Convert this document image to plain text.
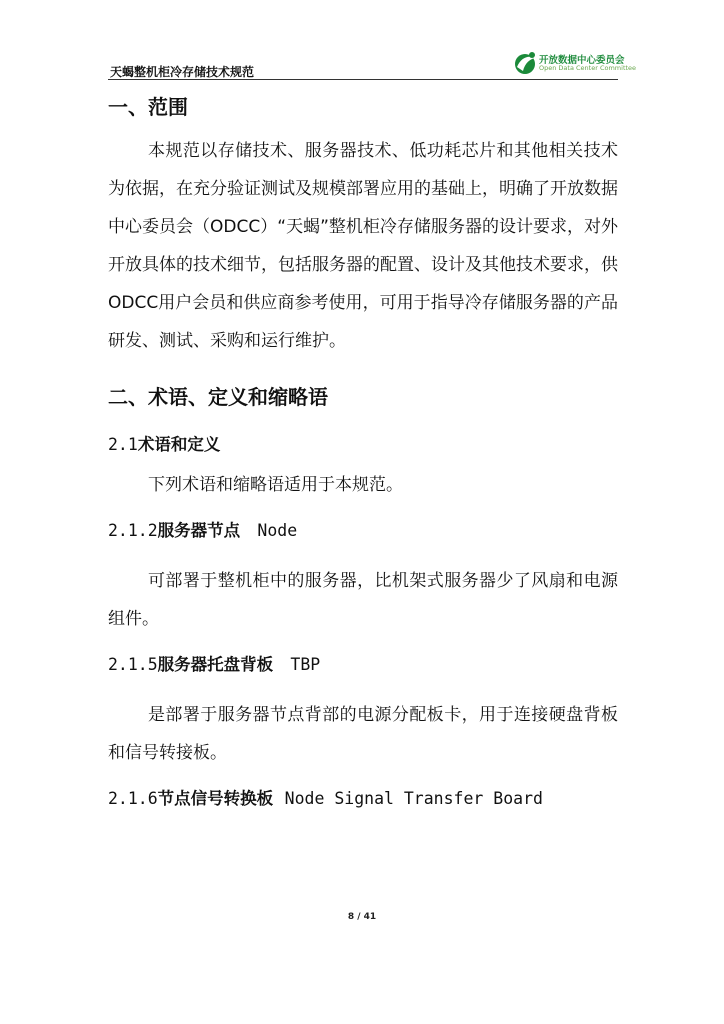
天蝎整机柜冷存储技术规范
开放数据中心委员会
Open Data Center Committee
一、范围

本规范以存储技术、服务器技术、低功耗芯片和其他相关技术为依据，在充分验证测试及规模部署应用的基础上，明确了开放数据中心委员会（ODCC）“天蝎”整机柜冷存储服务器的设计要求，对外开放具体的技术细节，包括服务器的配置、设计及其他技术要求，供ODCC用户会员和供应商参考使用，可用于指导冷存储服务器的产品研发、测试、采购和运行维护。

二、术语、定义和缩略语
2.1术语和定义

下列术语和缩略语适用于本规范。

2.1.2服务器节点 Node

可部署于整机柜中的服务器，比机架式服务器少了风扇和电源组件。

2.1.5服务器托盘背板 TBP

是部署于服务器节点背部的电源分配板卡，用于连接硬盘背板和信号转接板。

2.1.6节点信号转换板 Node Signal Transfer Board
8 / 41
